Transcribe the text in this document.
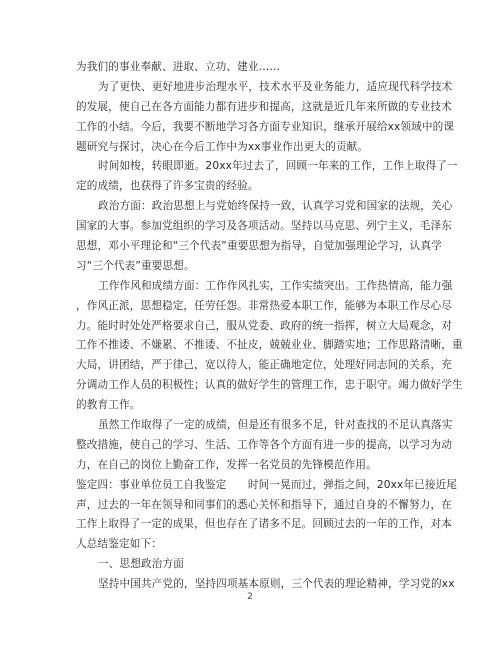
为我们的事业奉献、进取、立功、建业……
为了更快、更好地进步治理水平，技术水平及业务能力，适应现代科学技术
的发展，使自己在各方面能力都有进步和提高，这就是近几年来所做的专业技术
工作的小结。今后，我要不断地学习各方面专业知识，继承开展给xx领域中的课
题研究与探讨，决心在今后工作中为xx事业作出更大的贡献。
时间如梭，转眼即逝。20xx年过去了，回顾一年来的工作，工作上取得了一
定的成绩，也获得了许多宝贵的经验。
政治方面：政治思想上与党始终保持一致，认真学习党和国家的法规，关心
国家的大事。参加党组织的学习及各项活动。坚持以马克思、列宁主义，毛泽东
思想，邓小平理论和“三个代表”重要思想为指导，自觉加强理论学习，认真学
习“三个代表”重要思想。
工作作风和成绩方面：工作作风扎实，工作实绩突出。工作热情高，能力强
，作风正派，思想稳定，任劳任怨。非常热爱本职工作，能够为本职工作尽心尽
力。能时时处处严格要求自己，服从党委、政府的统一指挥，树立大局观念，对
工作不推诿、不嫌累、不推诿、不扯皮，兢兢业业、脚踏实地；工作思路清晰，重
大局，讲团结，严于律己，宽以待人，能正确地定位，处理好同志间的关系，充
分调动工作人员的积极性；认真的做好学生的管理工作，忠于职守。竭力做好学生
的教育工作。
虽然工作取得了一定的成绩，但是还有很多不足，针对查找的不足认真落实
整改措施，使自己的学习、生活、工作等各个方面有进一步的提高，以学习为动
力，在自己的岗位上勤奋工作，发挥一名党员的先锋模范作用。
鉴定四：事业单位员工自我鉴定　　时间一晃而过，弹指之间，20xx年已接近尾
声，过去的一年在领导和同事们的悉心关怀和指导下，通过自身的不懈努力，在
工作上取得了一定的成果，但也存在了诸多不足。回顾过去的一年的工作，对本
人总结鉴定如下：
一、思想政治方面
坚持中国共产党的，坚持四项基本原则，三个代表的理论精神，学习党的xx
2
